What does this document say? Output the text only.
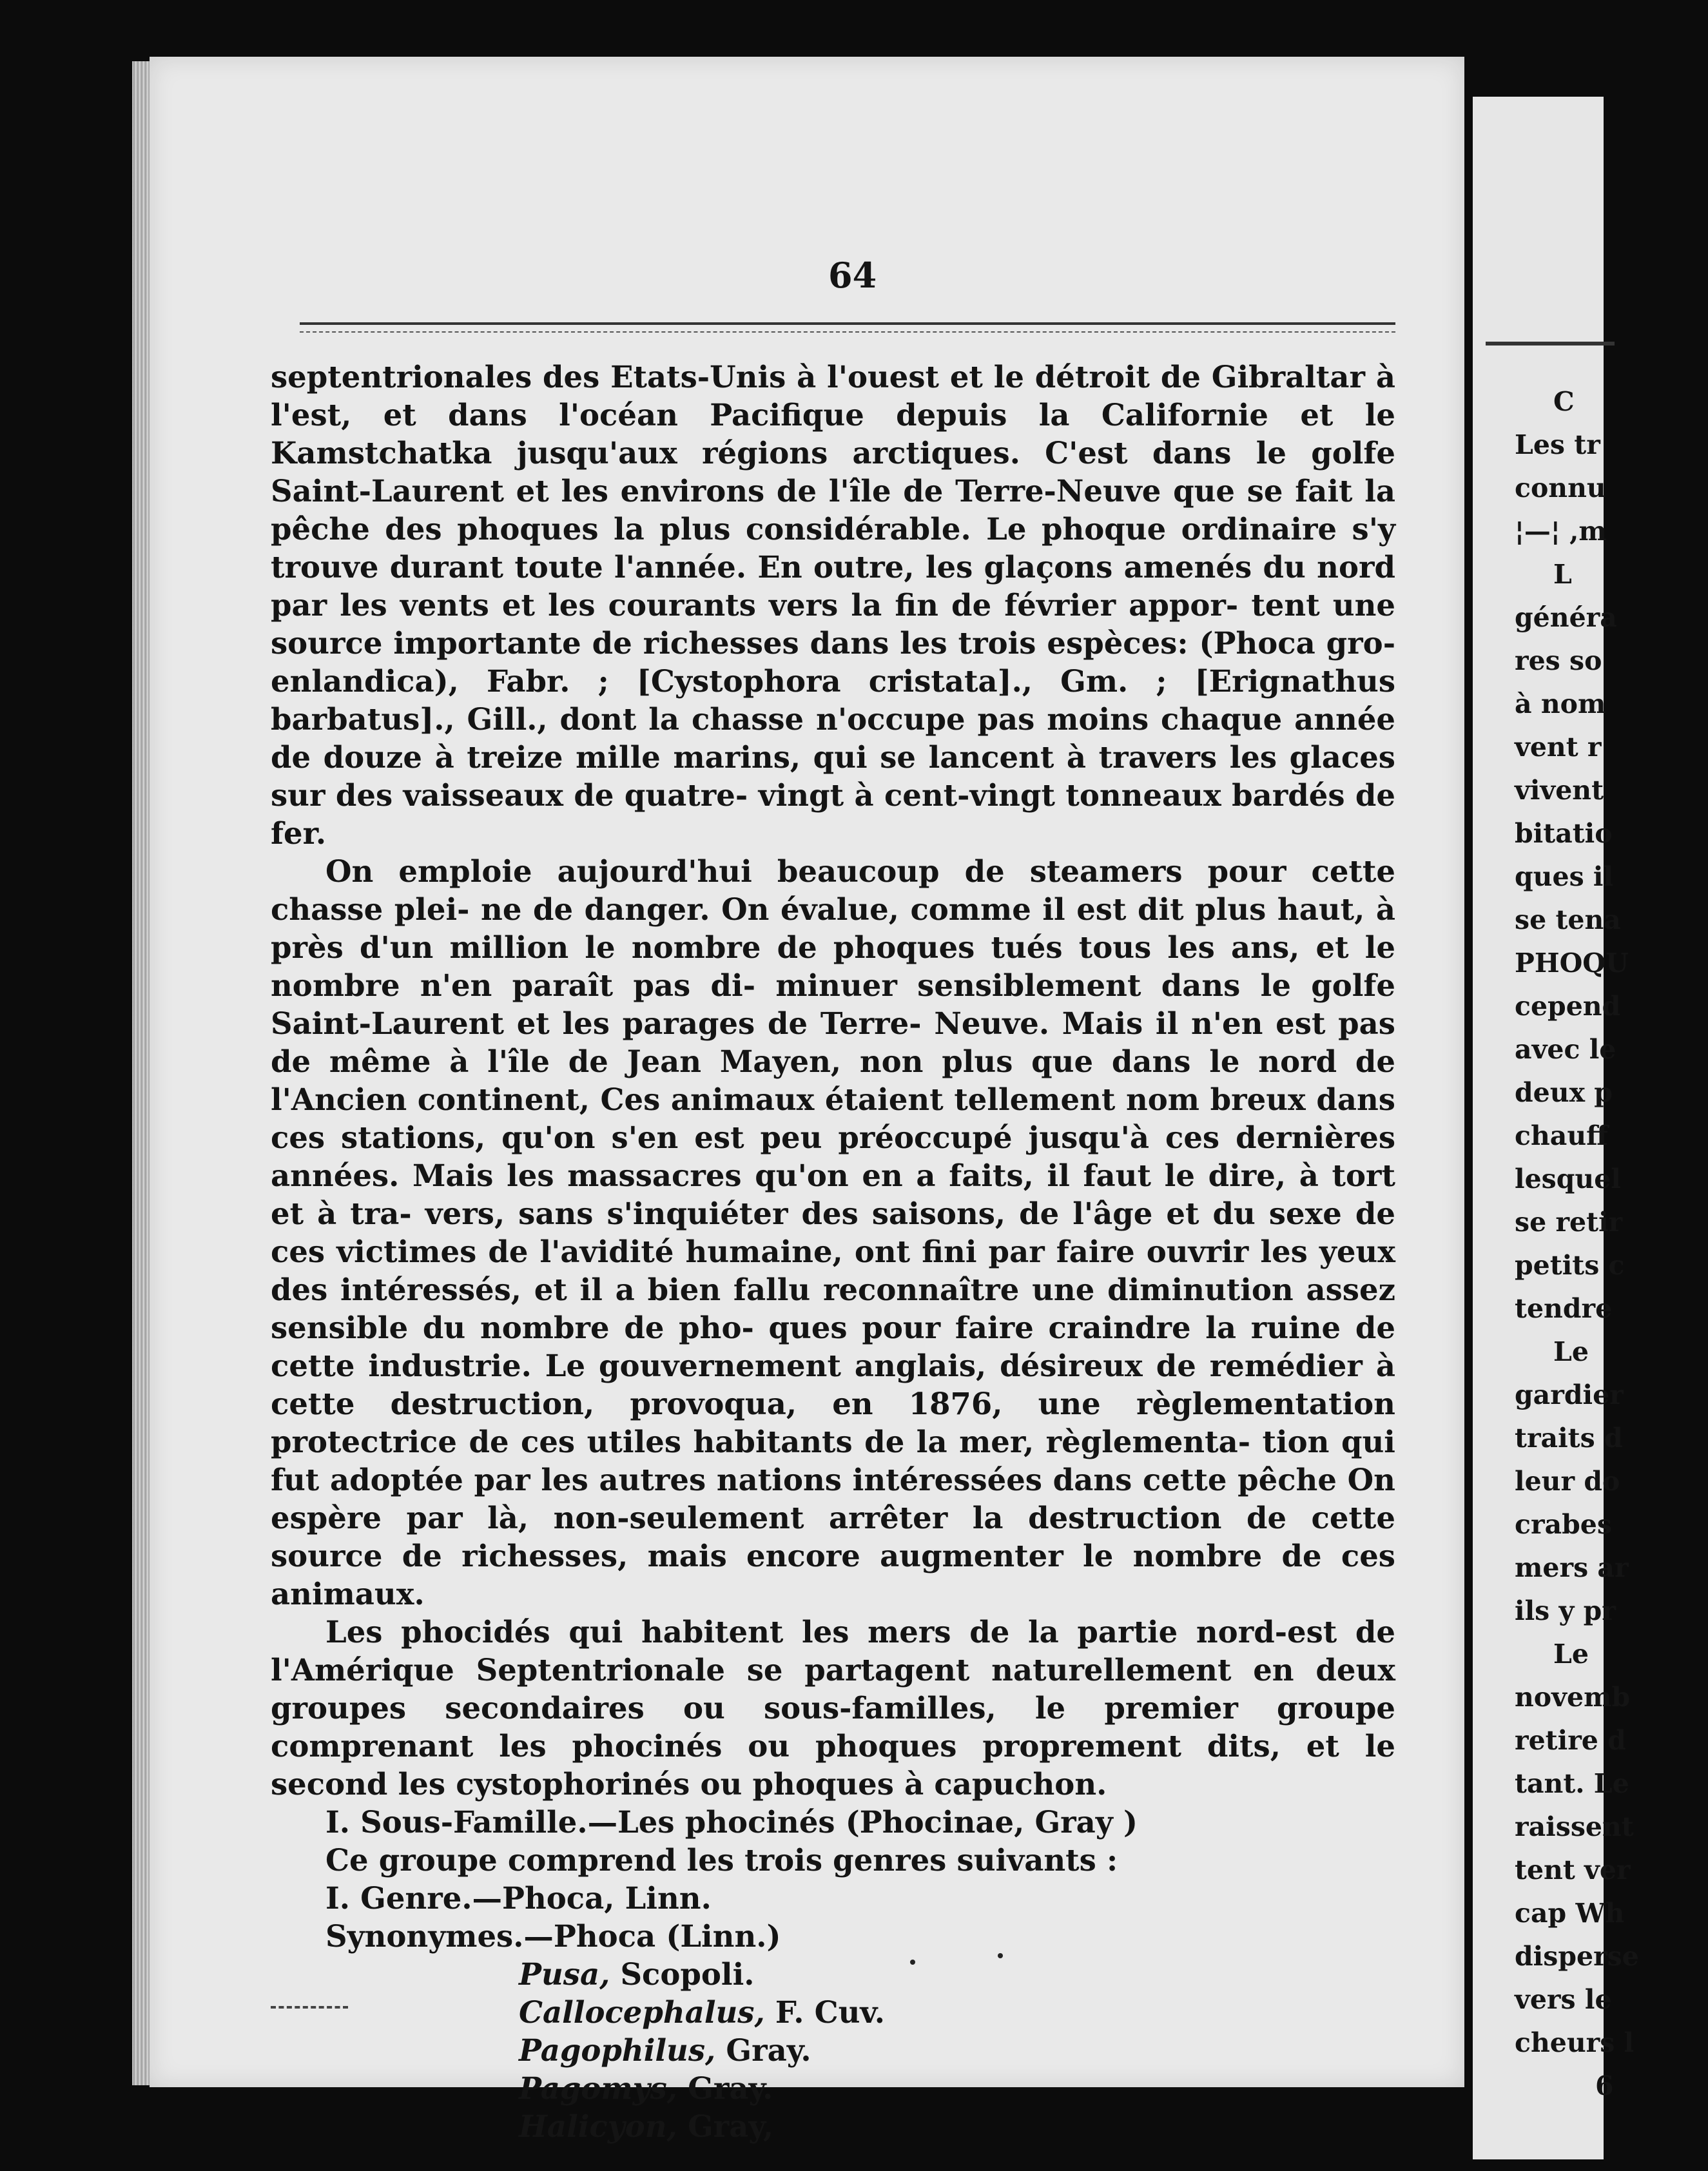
64

septentrionales des Etats-Unis à l'ouest et le détroit de Gibraltar à l'est, et dans l'océan Pacifique depuis la Californie et le Kamstchatka jusqu'aux régions arctiques. C'est dans le golfe Saint-Laurent et les environs de l'île de Terre-Neuve que se fait la pêche des phoques la plus considérable. Le phoque ordinaire s'y trouve durant toute l'année. En outre, les glaçons amenés du nord par les vents et les courants vers la fin de février appor- tent une source importante de richesses dans les trois espèces: (Phoca gro- enlandica), Fabr. ; [Cystophora cristata]., Gm. ; [Erignathus barbatus]., Gill., dont la chasse n'occupe pas moins chaque année de douze à treize mille marins, qui se lancent à travers les glaces sur des vaisseaux de quatre- vingt à cent-vingt tonneaux bardés de fer.

On emploie aujourd'hui beaucoup de steamers pour cette chasse plei- ne de danger. On évalue, comme il est dit plus haut, à près d'un million le nombre de phoques tués tous les ans, et le nombre n'en paraît pas di- minuer sensiblement dans le golfe Saint-Laurent et les parages de Terre- Neuve. Mais il n'en est pas de même à l'île de Jean Mayen, non plus que dans le nord de l'Ancien continent, Ces animaux étaient tellement nom breux dans ces stations, qu'on s'en est peu préoccupé jusqu'à ces dernières années. Mais les massacres qu'on en a faits, il faut le dire, à tort et à tra- vers, sans s'inquiéter des saisons, de l'âge et du sexe de ces victimes de l'avidité humaine, ont fini par faire ouvrir les yeux des intéressés, et il a bien fallu reconnaître une diminution assez sensible du nombre de pho- ques pour faire craindre la ruine de cette industrie. Le gouvernement anglais, désireux de remédier à cette destruction, provoqua, en 1876, une règlementation protectrice de ces utiles habitants de la mer, règlementa- tion qui fut adoptée par les autres nations intéressées dans cette pêche On espère par là, non-seulement arrêter la destruction de cette source de richesses, mais encore augmenter le nombre de ces animaux.

Les phocidés qui habitent les mers de la partie nord-est de l'Amérique Septentrionale se partagent naturellement en deux groupes secondaires ou sous-familles, le premier groupe comprenant les phocinés ou phoques proprement dits, et le second les cystophorinés ou phoques à capuchon.

I. Sous-Famille.—Les phocinés (Phocinae, Gray )

Ce groupe comprend les trois genres suivants :

I. Genre.—Phoca, Linn.

Synonymes.—Phoca (Linn.)

Pusa, Scopoli.

Callocephalus, F. Cuv.

Pagophilus, Gray.

Pagomys, Gray.

Halicyon, Gray,

C
Les tr
connu
¦—¦ ,m
L
généra
res so
à nom
vent r
vivent
bitatio
ques il
se tena
PHOQU
cepend
avec le
deux p
chauff
lesquel
se retir
petits c
tendre
Le
gardier
traits d
leur do
crabes
mers ar
ils y pr
Le
novemb
retire d
tant. Le
raissent
tent ver
cap Wh
disperse
vers le
cheurs l
6
